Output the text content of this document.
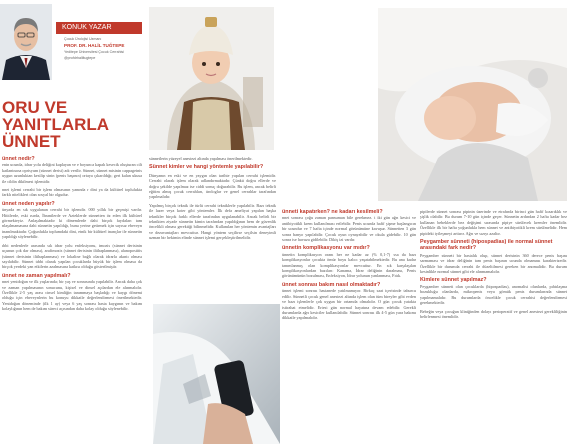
KONUK YAZAR
Çocuk Ürolojisi Uzmanı
PROF. DR. HALİL TUĞTEPE
Yeditepe Üniversitesi Çocuk Cerrahisi
@profdrhaliltugtepe
ORU VE YANITLARLA
ÜNNET
ünnet nedir?
enin ucunda, idrar yolu deliğini kaplayan ve e boyunca kapalı kesecik oluşturan cilt katlantısına oprisyum (sünnet derisi) adı verilir. Sünnet, sünnet misinin cappageinis uygun uzunluktan kesilip sinin (penis başının) ortaya çıkarıldığı; geri kalan ukusa ile cildin dikilmesi işlemidir.
nnet işlemi cerrahi bir işlem olmasının yanında r dini ya da kültürel toplulukta farklı nitelikleri olan sosyal bir olgudur.
ünnet neden yapılır?
ünyada en sık uygulanan cerrahi bir işlemdir. 000 yıllık bir geçmişi vardır. Hititlerde, eski ısırda, İbranilerde ve Azteklerde sünnetten öz eden ilk kültürel görmekteyiz. Anlaşılmaktadır ki dönemlerde dahi birçok faydaları tam nlaşılmamasına dahi sünnetin yapıldığı, bunu yerine getirmek için sayısız ebeveyn inanılmaktadır. Çoğunlukla toplumdaki dini, etnik bir kültürel inançlar ile sünnetin yapıldığı söylenebilir.
ıbbi nedenlerle arasında sık idrar yolu enfeksiyonu, imozis (sünnet derisinin uçunun çok dar olması), arafimozis (sünnet derisinin iltihaplanması), alanopostitis (sünnet derisinin iltihaplanması) ve lokaline bağlı olarak idrarla akıntı olması sayılabilir. Sünnet tıbbi olarak yapılan çocuklarda büyük bir işlem olmasa da birçok yerdeki yan etkilerin azalmasına katkısı olduğu gösterilmiştir.
ünnet ne zaman yapılmalı?
nnet yenidoğan ve ilk yaşlarında; bir yaş ve sonrasında yapılabilir. Ancak daha çok ve zaman yapılmasının sonucunu, kişisel ve dinsel açılardan ele alınmalıdır. Özellikle 2-5 yaş arası cinsel kimliğin tanımmaya başladığı ve kaygı dönemi olduğu için ebeveynlerin bu konuyu dikkatle değerlendirmesi önerilmektedir. Yenidoğan döneminde (ilk 1 ay) veya 6 yaş sonrası hasta kaygının ve bakım kolaylığının hem de bakım süreci açısından daha kolay olduğu söylenebilir.
sünnetlerin yüzeyel anestezi altında yapılması önerilmektedir.
Sünnet kimler ve hangi yöntemle yapılabilir?
Dünyanın en eski ve en yaygın olan tarihte yapılan cerrahi işlemidir. Cerrahi olarak işlem olarak adlandırmaktadır. Çünkü doğru ellerde ve doğru şekilde yapılmaz ise ciddi sonuç doğurabilir. Bu işlem, ancak belirli eğitim almış çocuk cerrahları, ürologlar ve genel cerrahlar tarafından yapılmalıdır.
Yapılmış birçok teknik ile türlü cerrahi tekniklerle yapılabilir. Bazı teknik ile lazer veya koter gibi yöntemler. İlk defa ameliyat yapılan başka teknikler birçok farklı ellerde tarafından uygulanabilir. Ancak belirli bir teknikten ziyade sünnetin kimin tarafından yapıldığının hem de güvenlik öncelikli olması gerektiği bilinmelidir. Kullanılan her yöntemin avantajları ve dezavantajları mevcuttur. Hangi yöntem seçilirse seçilsin deneyimli uzman bir hekimin elinde sünnet işlemi gerçekleştirilmelidir.
ünneti kapatırken? ne kadarı kesilmeli?
nnet sonrası çoğu zaman pansuman bile gerekmez. i iki gün ağrı kesici ve antibiyotikli krem kullanılması erilebilir. Penis ucunda hafif şişme başlangıcın bir ucundur ve 7 hafta içinde normal görünümüne kavuşur. Sünnetten 3 gün sonra banyo yapılabilir. Çocuk oyun oynayabilir ve okula gidebilir. 10 gün sonra ise havuza gidilebilir. Dikiş izi vardır.
ünnetin komplikasyonu var mıdır?
ünnetin komplikasyon oranı her ne kadar az (% 0,1-7) ssa da bazı komplikasyonlar çocukta ömür boyu kalıcı yaşatabilmektedir. Bu ana kadar tanımlanmış olan komplikasyonlar mevcuttur. En sık karşılaşılan komplikasyonlardan bazıları: Kanama, İdrar deliğinin daralması, Penis görünümünün bozulması, Enfeksiyon, İdrar yolunun yanlanması, Fıtık.
ünnet sonrası bakım nasıl olmaktadır?
ünnet işlemi sonrası hastanede yatılmamıyor. Birkaç saat içerisinde taburcu edilir. Sünnetli çocuk genel anestezi altında işlem olan tüm bireyler gibi evden ve bazı işlemlerle çok uygun bir ortamda olmalıdır. O gün çocuk yatakta istirahat etmelidir. Ertesi gün normal hayatına devam edebilir. Gerekli durumlarda ağrı kesiciler kullanılabilir. Sünnet sonrası ilk 4-5 gün yara bakımı dikkatle yapılmalıdır.
pipilerde sünnet sonrası pipinin üzerinde ve etrafında birinci gün hafif kızarıklık ve şişlik olabilir. Bu durum 7-10 gün içinde geçer. Sünnetin ardından 2 hafta kadar bez kullanan bebeklerde bez değişimi sırasında pipiye sürülecek kremler önemlidir. Özellikle ilk bir hafta yoğunlukla hem sünnet ve antibiyotikli krem sürülmelidir. Hem pipideki iyileşmeyi arttırır. Ağrı ve sızıyı azaltır.
Peygamber sünneti (hipospadias) ile normal sünnet arasındaki fark nedir?
Peygamber sünneti bir hastalık olup, sünnet derisinin 360 derece penis başını sarmaması ve idrar deliğinin tam penis başının ucunda olmaması karakterizedir. Özellikle bir durumda cerrahi ile düzeltilmesi gereken bir anomalidir. Bu durum kesinlikle normal sünnet gibi ele alınmamalıdır.
Kimlere sünnet yapılmaz?
Peygamber sünneti olan çocuklarda (hipospadias), anomalisi olanlarda, pıhtılaşma bozukluğu olanlarda, mikropenis veya gömük penis durumlarında sünnet yapılmamalıdır. Bu durumlarda öncelikle çocuk cerrahisi değerlendirmesi gerekmektedir.
Bebeğin veya çocuğun kliniğinden dolayı perioperatif ve genel anestezi gerekliliğinin belirlenmesi önemlidir.
